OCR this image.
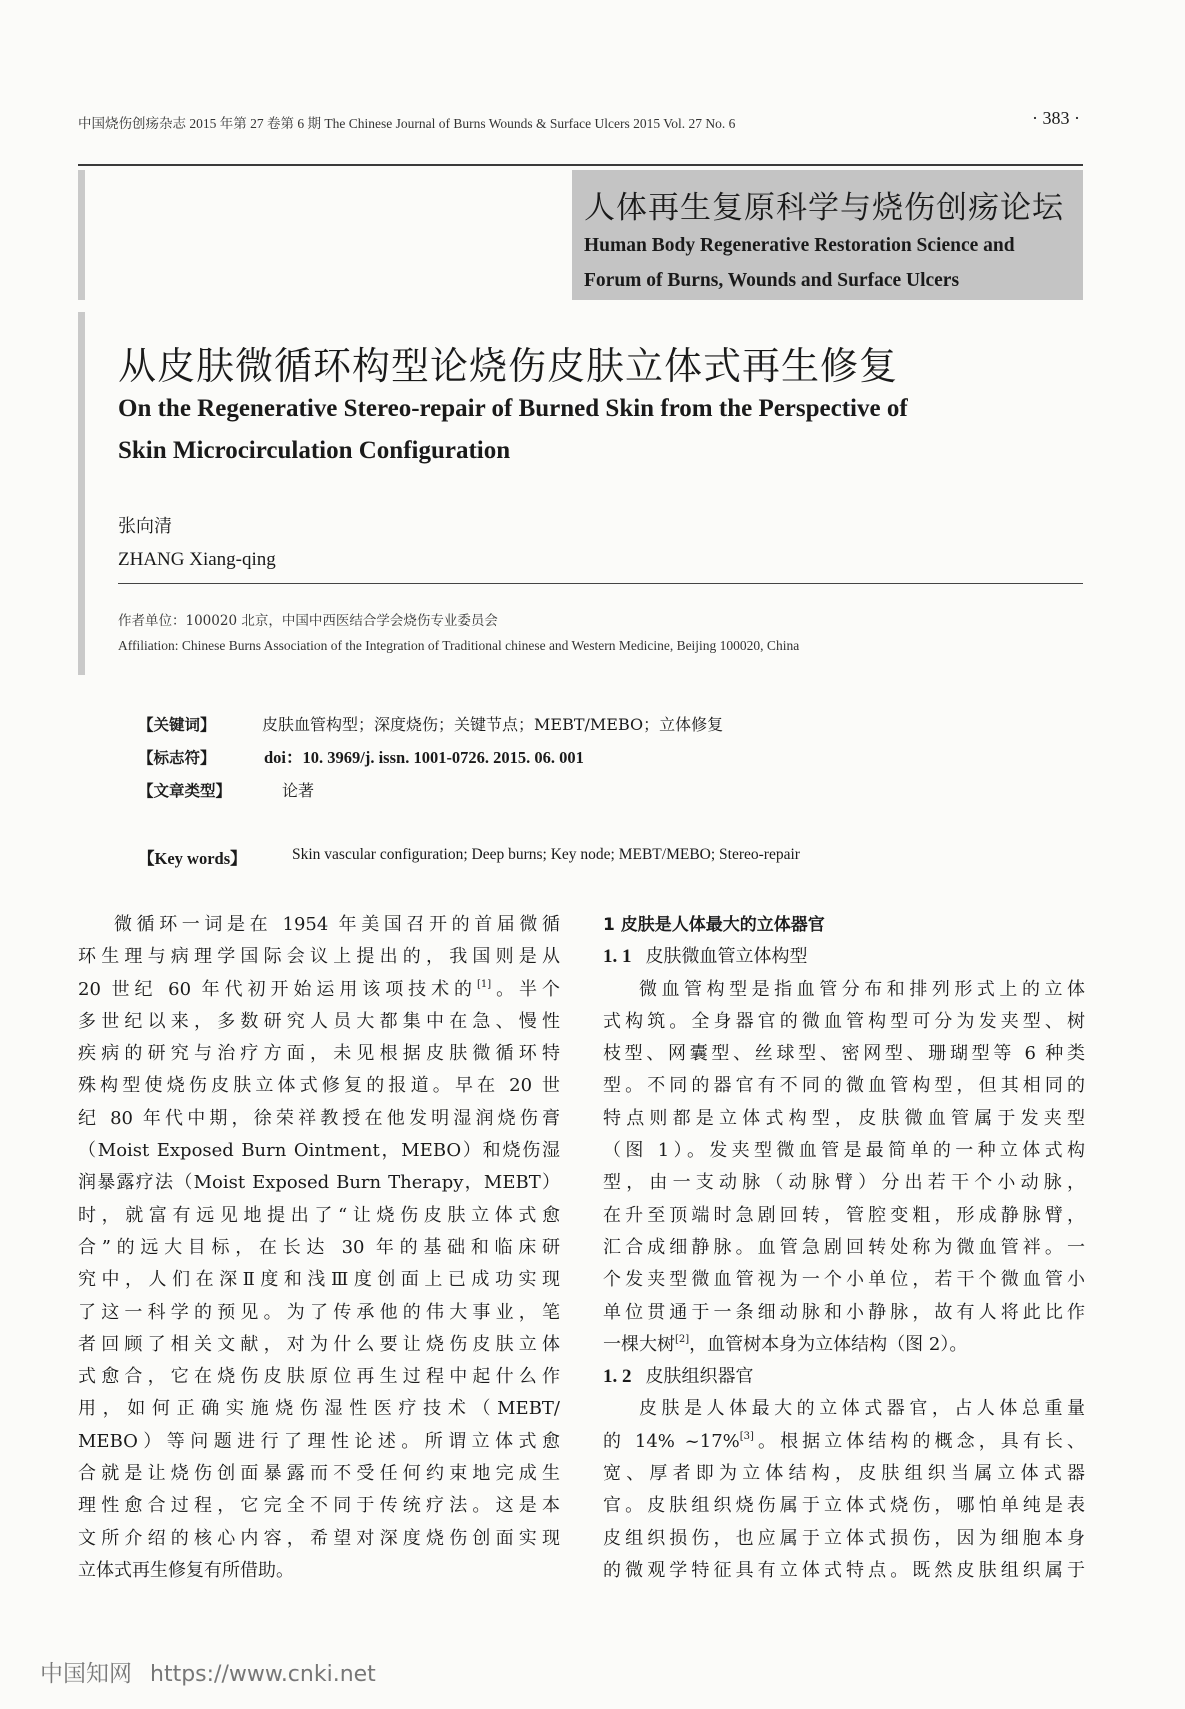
中国烧伤创疡杂志 2015 年第 27 卷第 6 期 The Chinese Journal of Burns Wounds & Surface Ulcers 2015 Vol. 27 No. 6	· 383 ·
人体再生复原科学与烧伤创疡论坛
Human Body Regenerative Restoration Science and
Forum of Burns, Wounds and Surface Ulcers
从皮肤微循环构型论烧伤皮肤立体式再生修复
On the Regenerative Stereo-repair of Burned Skin from the Perspective of
Skin Microcirculation Configuration
张向清
ZHANG Xiang-qing
作者单位：100020 北京，中国中西医结合学会烧伤专业委员会
Affiliation: Chinese Burns Association of the Integration of Traditional chinese and Western Medicine, Beijing 100020, China
【关键词】	皮肤血管构型；深度烧伤；关键节点；MEBT/MEBO；立体修复
【标志符】	doi：10. 3969/j. issn. 1001-0726. 2015. 06. 001
【文章类型】	论著
【Key words】	Skin vascular configuration; Deep burns; Key node; MEBT/MEBO; Stereo-repair
微循环一词是在 1954 年美国召开的首届微循
环生理与病理学国际会议上提出的，我国则是从
20 世纪 60 年代初开始运用该项技术的[1]。半个
多世纪以来，多数研究人员大都集中在急、慢性
疾病的研究与治疗方面，未见根据皮肤微循环特
殊构型使烧伤皮肤立体式修复的报道。早在 20 世
纪 80 年代中期，徐荣祥教授在他发明湿润烧伤膏
（Moist Exposed Burn Ointment，MEBO）和烧伤湿
润暴露疗法（Moist Exposed Burn Therapy，MEBT）
时，就富有远见地提出了“让烧伤皮肤立体式愈
合”的远大目标，在长达 30 年的基础和临床研
究中，人们在深Ⅱ度和浅Ⅲ度创面上已成功实现
了这一科学的预见。为了传承他的伟大事业，笔
者回顾了相关文献，对为什么要让烧伤皮肤立体
式愈合，它在烧伤皮肤原位再生过程中起什么作
用，如何正确实施烧伤湿性医疗技术（MEBT/
MEBO）等问题进行了理性论述。所谓立体式愈
合就是让烧伤创面暴露而不受任何约束地完成生
理性愈合过程，它完全不同于传统疗法。这是本
文所介绍的核心内容，希望对深度烧伤创面实现
立体式再生修复有所借助。
1 皮肤是人体最大的立体器官
1. 1 皮肤微血管立体构型
微血管构型是指血管分布和排列形式上的立体
式构筑。全身器官的微血管构型可分为发夹型、树
枝型、网囊型、丝球型、密网型、珊瑚型等 6 种类
型。不同的器官有不同的微血管构型，但其相同的
特点则都是立体式构型，皮肤微血管属于发夹型
（图 1）。发夹型微血管是最简单的一种立体式构
型，由一支动脉（动脉臂）分出若干个小动脉，
在升至顶端时急剧回转，管腔变粗，形成静脉臂，
汇合成细静脉。血管急剧回转处称为微血管袢。一
个发夹型微血管视为一个小单位，若干个微血管小
单位贯通于一条细动脉和小静脉，故有人将此比作
一棵大树[2]，血管树本身为立体结构（图 2）。
1. 2 皮肤组织器官
皮肤是人体最大的立体式器官，占人体总重量
的 14% ~17%[3]。根据立体结构的概念，具有长、
宽、厚者即为立体结构，皮肤组织当属立体式器
官。皮肤组织烧伤属于立体式烧伤，哪怕单纯是表
皮组织损伤，也应属于立体式损伤，因为细胞本身
的微观学特征具有立体式特点。既然皮肤组织属于
中国知网 https://www.cnki.net
